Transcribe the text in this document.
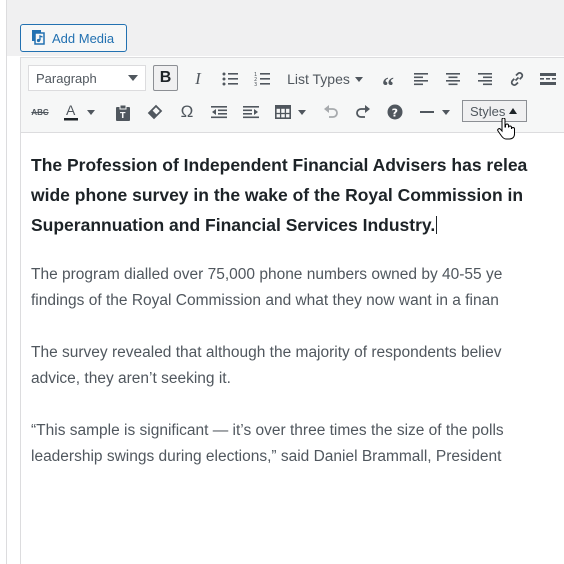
Add Media
Paragraph	B I	1
2
3 List Types “
ABC A	T	Ω	?	Styles
The Profession of Independent Financial Advisers has relea
wide phone survey in the wake of the Royal Commission in
Superannuation and Financial Services Industry.
The program dialled over 75,000 phone numbers owned by 40-55 ye
findings of the Royal Commission and what they now want in a finan
The survey revealed that although the majority of respondents believ
advice, they aren’t seeking it.
“This sample is significant — it’s over three times the size of the polls
leadership swings during elections,” said Daniel Brammall, President
